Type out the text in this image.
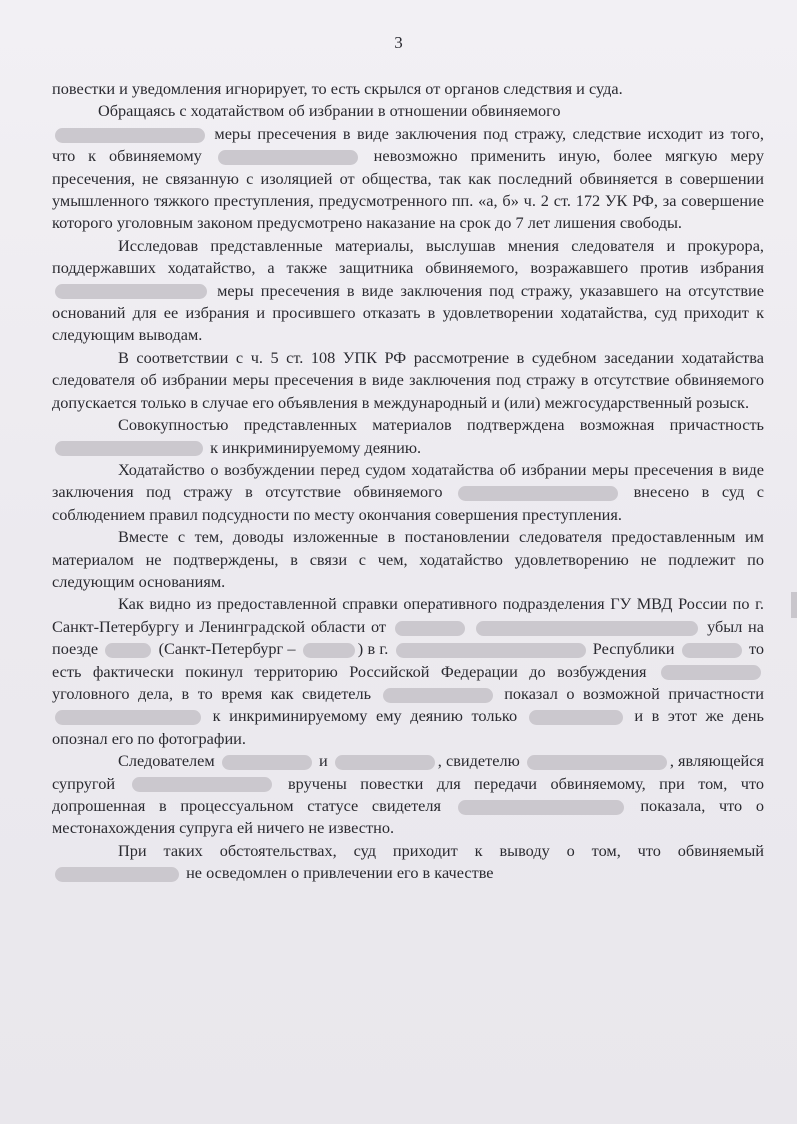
3

повестки и уведомления игнорирует, то есть скрылся от органов следствия и суда.

Обращаясь с ходатайством об избрании в отношении обвиняемого
меры пресечения в виде заключения под стражу, следствие исходит из того, что к обвиняемому	невозможно применить иную, более мягкую меру пресечения, не связанную с изоляцией от общества, так как последний обвиняется в совершении умышленного тяжкого преступления, предусмотренного пп. «а, б» ч. 2 ст. 172 УК РФ, за совершение которого уголовным законом предусмотрено наказание на срок до 7 лет лишения свободы.

Исследовав представленные материалы, выслушав мнения следователя и прокурора, поддержавших ходатайство, а также защитника обвиняемого, возражавшего против избрания  меры пресечения в виде заключения под стражу, указавшего на отсутствие оснований для ее избрания и просившего отказать в удовлетворении ходатайства, суд приходит к следующим выводам.

В соответствии с ч. 5 ст. 108 УПК РФ рассмотрение в судебном заседании ходатайства следователя об избрании меры пресечения в виде заключения под стражу в отсутствие обвиняемого допускается только в случае его объявления в международный и (или) межгосударственный розыск.

Совокупностью представленных материалов подтверждена возможная причастность  к инкриминируемому деянию.

Ходатайство о возбуждении перед судом ходатайства об избрании меры пресечения в виде заключения под стражу в отсутствие обвиняемого	внесено в суд с соблюдением правил подсудности по месту окончания совершения преступления.

Вместе с тем, доводы изложенные в постановлении следователя предоставленным им материалом не подтверждены, в связи с чем, ходатайство удовлетворению не подлежит по следующим основаниям.

Как видно из предоставленной справки оперативного подразделения ГУ МВД России по г. Санкт-Петербургу и Ленинградской области от	убыл на поезде	(Санкт-Петербург –	) в г.	Республики	то есть фактически покинул территорию Российской Федерации до возбуждения  уголовного дела, в то время как свидетель	показал о возможной причастности  к инкриминируемому ему деянию только	и в этот же день опознал его по фотографии.

Следователем	и	, свидетелю	, являющейся супругой	вручены повестки для передачи обвиняемому, при том, что допрошенная в процессуальном статусе свидетеля	показала, что о местонахождения супруга ей ничего не известно.

При таких обстоятельствах, суд приходит к выводу о том, что обвиняемый  не осведомлен о привлечении его в качестве
